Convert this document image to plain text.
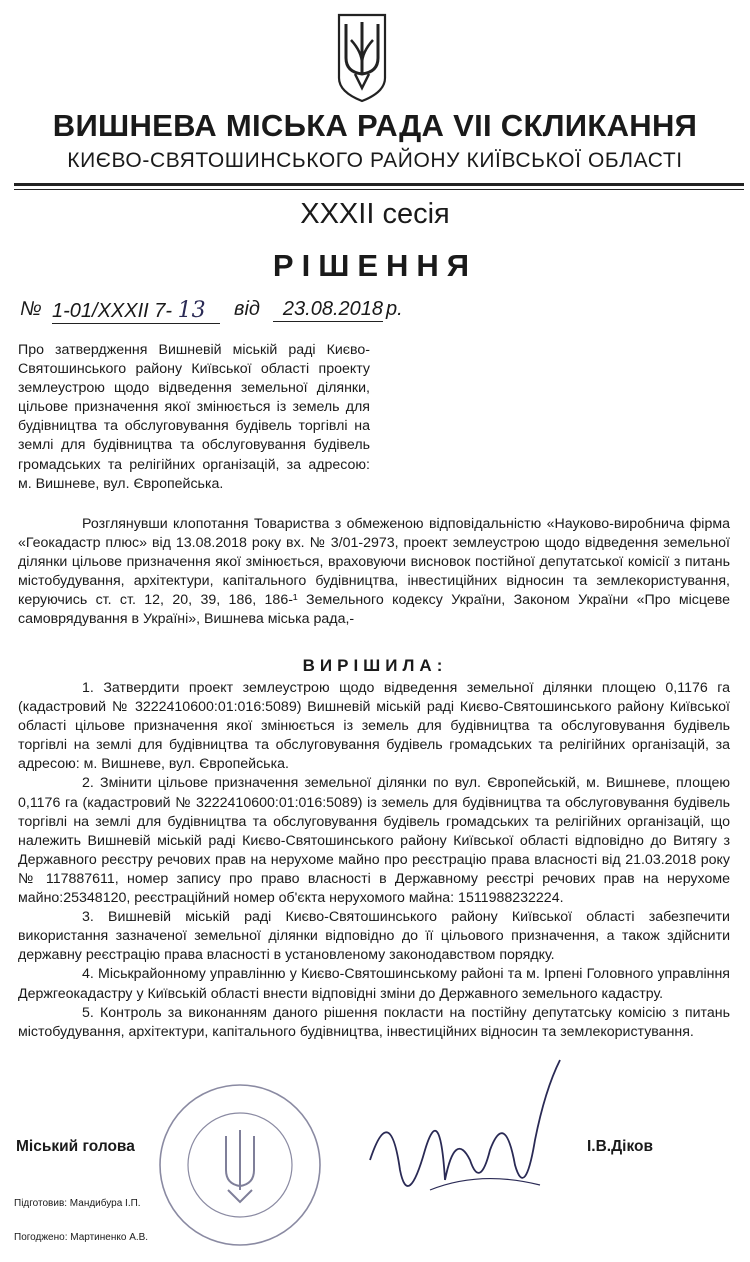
ВИШНЕВА МІСЬКА РАДА VII СКЛИКАННЯ
КИЄВО-СВЯТОШИНСЬКОГО РАЙОНУ КИЇВСЬКОЇ ОБЛАСТІ
XXXII сесія
РІШЕННЯ
№ 1-01/XXXII 7- 13	від	23.08.2018 р.
Про затвердження Вишневій міській раді Києво-Святошинського району Київської області проекту землеустрою щодо відведення земельної ділянки, цільове призначення якої змінюється із земель для будівництва та обслуговування будівель торгівлі на землі для будівництва та обслуговування будівель громадських та релігійних організацій, за адресою: м. Вишневе, вул. Європейська.
Розглянувши клопотання Товариства з обмеженою відповідальністю «Науково-виробнича фірма «Геокадастр плюс» від 13.08.2018 року вх. № 3/01-2973, проект землеустрою щодо відведення земельної ділянки цільове призначення якої змінюється, враховуючи висновок постійної депутатської комісії з питань містобудування, архітектури, капітального будівництва, інвестиційних відносин та землекористування, керуючись ст. ст. 12, 20, 39, 186, 186-¹ Земельного кодексу України, Законом України «Про місцеве самоврядування в Україні», Вишнева міська рада,-
ВИРІШИЛА:

1. Затвердити проект землеустрою щодо відведення земельної ділянки площею 0,1176 га (кадастровий № 3222410600:01:016:5089) Вишневій міській раді Києво-Святошинського району Київської області цільове призначення якої змінюється із земель для будівництва та обслуговування будівель торгівлі на землі для будівництва та обслуговування будівель громадських та релігійних організацій, за адресою: м. Вишневе, вул. Європейська.

2. Змінити цільове призначення земельної ділянки по вул. Європейській, м. Вишневе, площею 0,1176 га (кадастровий № 3222410600:01:016:5089) із земель для будівництва та обслуговування будівель торгівлі на землі для будівництва та обслуговування будівель громадських та релігійних організацій, що належить Вишневій міській раді Києво-Святошинського району Київської області відповідно до Витягу з Державного реєстру речових прав на нерухоме майно про реєстрацію права власності від 21.03.2018 року № 117887611, номер запису про право власності в Державному реєстрі речових прав на нерухоме майно:25348120, реєстраційний номер об'єкта нерухомого майна: 1511988232224.

3. Вишневій міській раді Києво-Святошинського району Київської області забезпечити використання зазначеної земельної ділянки відповідно до її цільового призначення, а також здійснити державну реєстрацію права власності в установленому законодавством порядку.

4. Міськрайонному управлінню у Києво-Святошинському районі та м. Ірпені Головного управління Держгеокадастру у Київській області внести відповідні зміни до Державного земельного кадастру.

5. Контроль за виконанням даного рішення покласти на постійну депутатську комісію з питань містобудування, архітектури, капітального будівництва, інвестиційних відносин та землекористування.

Міський голова	І.В.Діков
Підготовив: Мандибура І.П.
Погоджено: Мартиненко А.В.
